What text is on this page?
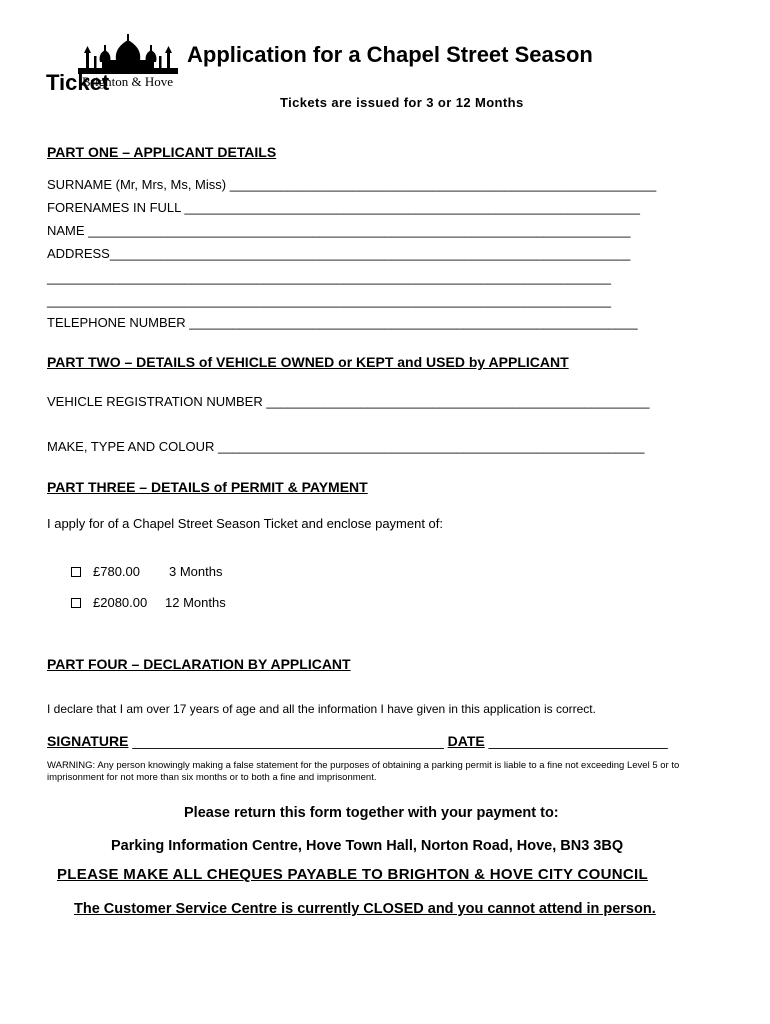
Brighton & Hove
Application for a Chapel Street Season
Ticket
Tickets are issued for 3 or 12 Months
PART ONE – APPLICANT DETAILS
SURNAME (Mr, Mrs, Ms, Miss) ___________________________________________________________
FORENAMES IN FULL _______________________________________________________________
NAME ___________________________________________________________________________
ADDRESS________________________________________________________________________
______________________________________________________________________________
______________________________________________________________________________
TELEPHONE NUMBER ______________________________________________________________
PART TWO – DETAILS of VEHICLE OWNED or KEPT and USED by APPLICANT
VEHICLE REGISTRATION NUMBER _____________________________________________________
MAKE, TYPE AND COLOUR ___________________________________________________________
PART THREE – DETAILS of PERMIT & PAYMENT
I apply for of a Chapel Street Season Ticket and enclose payment of:
£780.00 3 Months
£2080.00 12 Months
PART FOUR – DECLARATION BY APPLICANT
I declare that I am over 17 years of age and all the information I have given in this application is correct.
SIGNATURE ________________________________________ DATE _______________________
WARNING: Any person knowingly making a false statement for the purposes of obtaining a parking permit is liable to a fine not exceeding Level 5 or to imprisonment for not more than six months or to both a fine and imprisonment.
Please return this form together with your payment to:
Parking Information Centre, Hove Town Hall, Norton Road, Hove, BN3 3BQ
PLEASE MAKE ALL CHEQUES PAYABLE TO BRIGHTON & HOVE CITY COUNCIL
The Customer Service Centre is currently CLOSED and you cannot attend in person.
